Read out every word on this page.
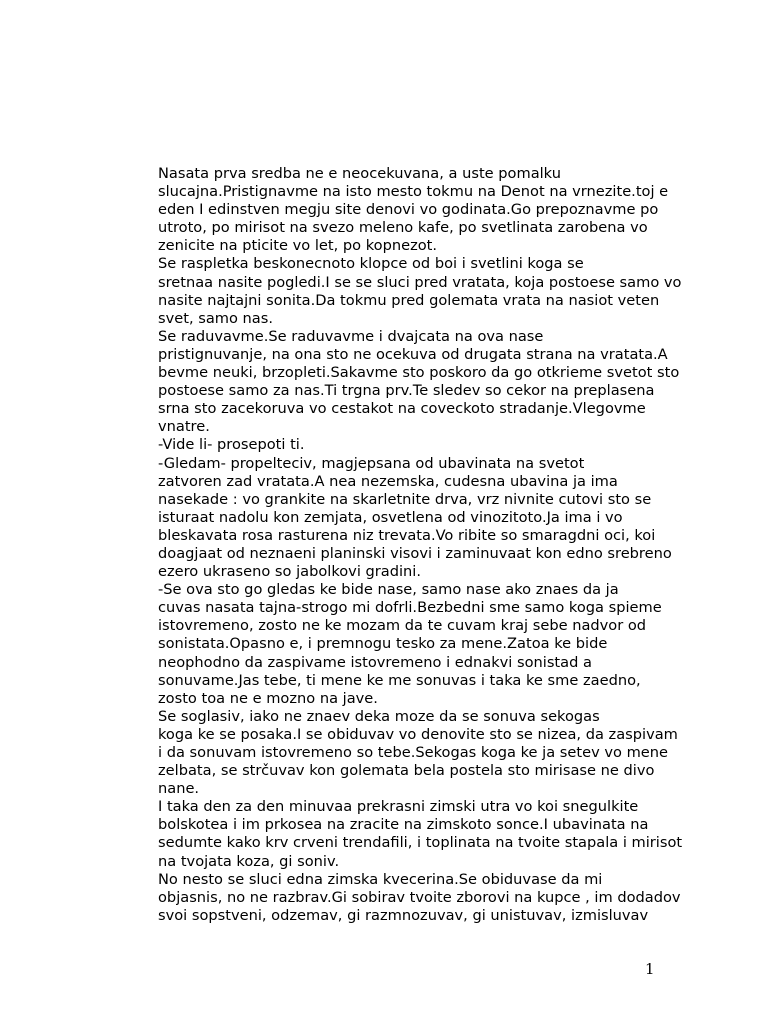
Nasata prva sredba ne e neocekuvana, a uste pomalku
slucajna.Pristignavme na isto mesto tokmu na Denot na vrnezite.toj e
eden I edinstven megju site denovi vo godinata.Go prepoznavme po
utroto, po mirisot na svezo meleno kafe, po svetlinata zarobena vo
zenicite na pticite vo let, po kopnezot.

Se raspletka beskonecnoto klopce od boi i svetlini koga se
sretnaa nasite pogledi.I se se sluci pred vratata, koja postoese samo vo
nasite najtajni sonita.Da tokmu pred golemata vrata na nasiot veten
svet, samo nas.

Se raduvavme.Se raduvavme i dvajcata na ova nase
pristignuvanje, na ona sto ne ocekuva od drugata strana na vratata.A
bevme neuki, brzopleti.Sakavme sto poskoro da go otkrieme svetot sto
postoese samo za nas.Ti trgna prv.Te sledev so cekor na preplasena
srna sto zacekoruva vo cestakot na coveckoto stradanje.Vlegovme
vnatre.

-Vide li- prosepoti ti.

-Gledam- propelteciv, magjepsana od ubavinata na svetot
zatvoren zad vratata.A nea nezemska, cudesna ubavina ja ima
nasekade : vo grankite na skarletnite drva, vrz nivnite cutovi sto se
isturaat nadolu kon zemjata, osvetlena od vinozitoto.Ja ima i vo
bleskavata rosa rasturena niz trevata.Vo ribite so smaragdni oci, koi
doagjaat od neznaeni planinski visovi i zaminuvaat kon edno srebreno
ezero ukraseno so jabolkovi gradini.

-Se ova sto go gledas ke bide nase, samo nase ako znaes da ja
cuvas nasata tajna-strogo mi dofrli.Bezbedni sme samo koga spieme
istovremeno, zosto ne ke mozam da te cuvam kraj sebe nadvor od
sonistata.Opasno e, i premnogu tesko za mene.Zatoa ke bide
neophodno da zaspivame istovremeno i ednakvi sonistad a
sonuvame.Jas tebe, ti mene ke me sonuvas i taka ke sme zaedno,
zosto toa ne e mozno na jave.

Se soglasiv, iako ne znaev deka moze da se sonuva sekogas
koga ke se posaka.I se obiduvav vo denovite sto se nizea, da zaspivam
i da sonuvam istovremeno so tebe.Sekogas koga ke ja setev vo mene
zelbata, se strčuvav kon golemata bela postela sto mirisase ne divo
nane.

I taka den za den minuvaa prekrasni zimski utra vo koi snegulkite
bolskotea i im prkosea na zracite na zimskoto sonce.I ubavinata na
sedumte kako krv crveni trendafili, i toplinata na tvoite stapala i mirisot
na tvojata koza, gi soniv.

No nesto se sluci edna zimska kvecerina.Se obiduvase da mi
objasnis, no ne razbrav.Gi sobirav tvoite zborovi na kupce , im dodadov
svoi sopstveni, odzemav, gi razmnozuvav, gi unistuvav, izmisluvav

1
